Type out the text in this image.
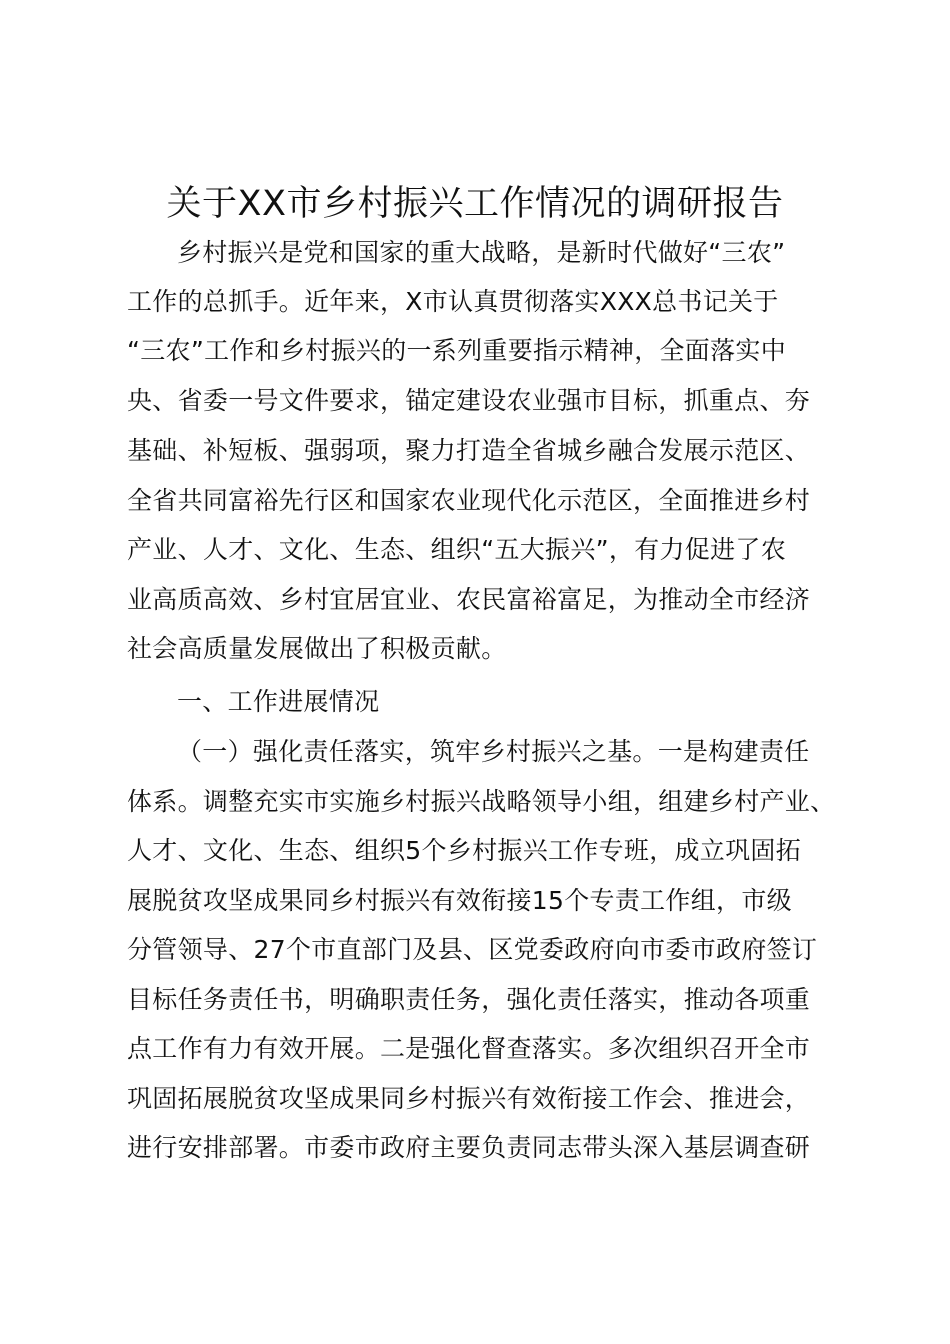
关于XX市乡村振兴工作情况的调研报告
乡村振兴是党和国家的重大战略，是新时代做好“三农”
工作的总抓手。近年来，X市认真贯彻落实XXX总书记关于
“三农”工作和乡村振兴的一系列重要指示精神，全面落实中
央、省委一号文件要求，锚定建设农业强市目标，抓重点、夯
基础、补短板、强弱项，聚力打造全省城乡融合发展示范区、
全省共同富裕先行区和国家农业现代化示范区，全面推进乡村
产业、人才、文化、生态、组织“五大振兴”，有力促进了农
业高质高效、乡村宜居宜业、农民富裕富足，为推动全市经济
社会高质量发展做出了积极贡献。
一、工作进展情况
（一）强化责任落实，筑牢乡村振兴之基。一是构建责任
体系。调整充实市实施乡村振兴战略领导小组，组建乡村产业、
人才、文化、生态、组织5个乡村振兴工作专班，成立巩固拓
展脱贫攻坚成果同乡村振兴有效衔接15个专责工作组，市级
分管领导、27个市直部门及县、区党委政府向市委市政府签订
目标任务责任书，明确职责任务，强化责任落实，推动各项重
点工作有力有效开展。二是强化督查落实。多次组织召开全市
巩固拓展脱贫攻坚成果同乡村振兴有效衔接工作会、推进会，
进行安排部署。市委市政府主要负责同志带头深入基层调查研
